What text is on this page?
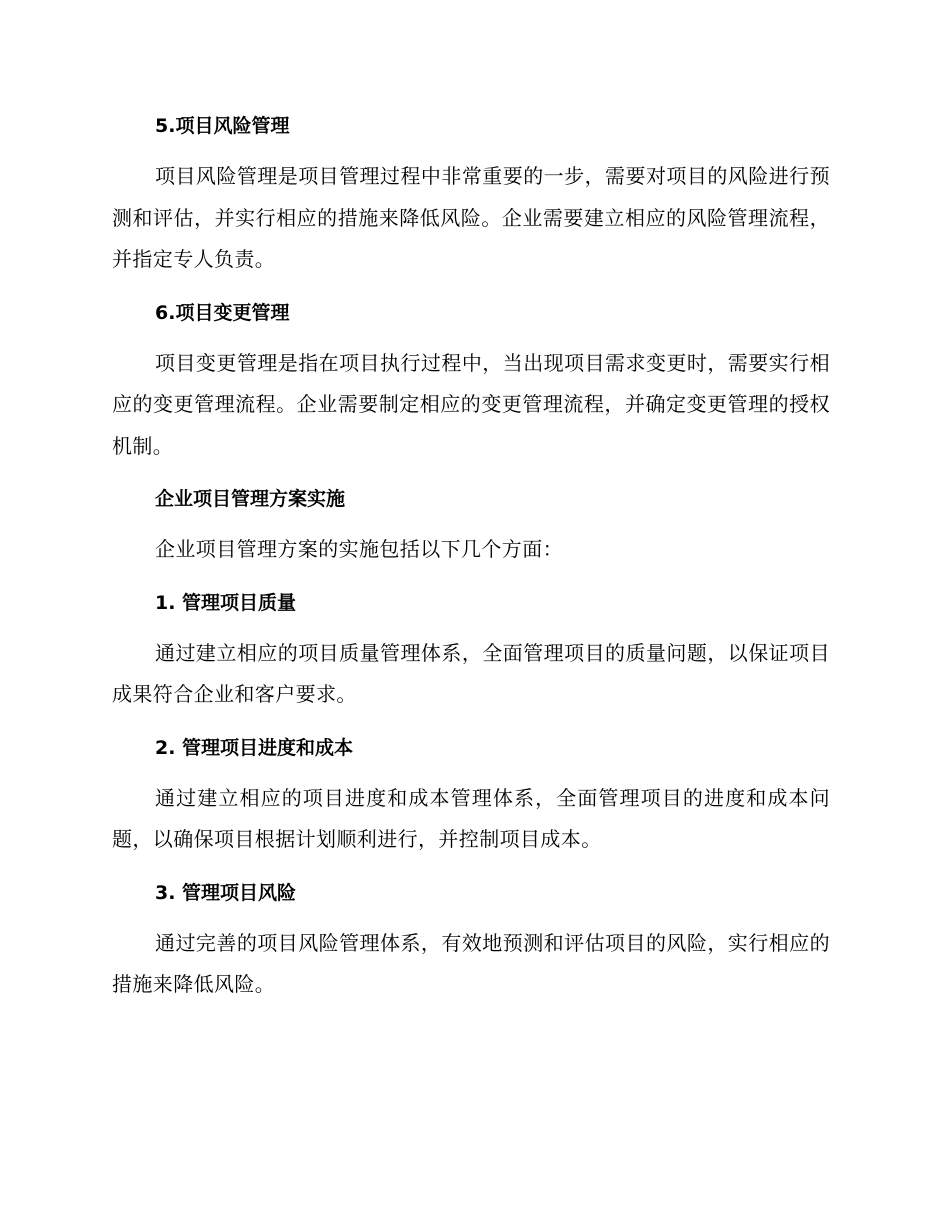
5.项目风险管理

项目风险管理是项目管理过程中非常重要的一步，需要对项目的风险进行预测和评估，并实行相应的措施来降低风险。企业需要建立相应的风险管理流程，并指定专人负责。

6.项目变更管理

项目变更管理是指在项目执行过程中，当出现项目需求变更时，需要实行相应的变更管理流程。企业需要制定相应的变更管理流程，并确定变更管理的授权机制。

企业项目管理方案实施

企业项目管理方案的实施包括以下几个方面：

1. 管理项目质量

通过建立相应的项目质量管理体系，全面管理项目的质量问题，以保证项目成果符合企业和客户要求。

2. 管理项目进度和成本

通过建立相应的项目进度和成本管理体系，全面管理项目的进度和成本问题，以确保项目根据计划顺利进行，并控制项目成本。

3. 管理项目风险

通过完善的项目风险管理体系，有效地预测和评估项目的风险，实行相应的措施来降低风险。
